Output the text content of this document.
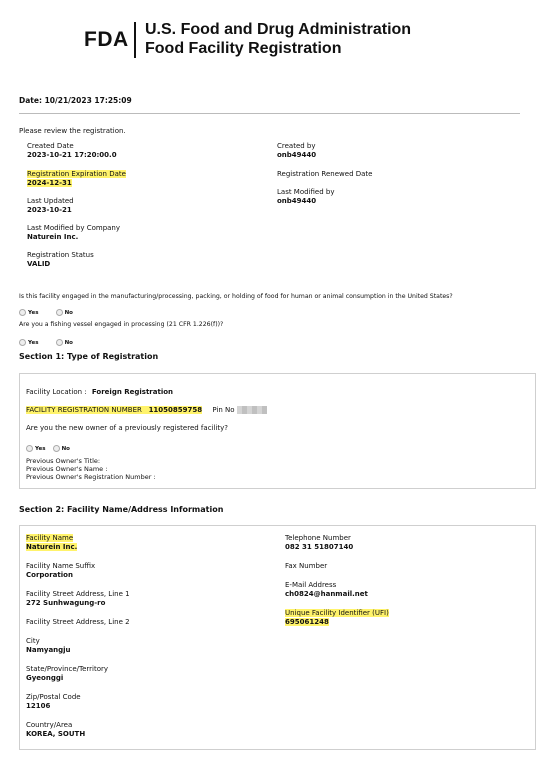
FDA U.S. Food and Drug Administration
Food Facility Registration
Date: 10/21/2023 17:25:09
Please review the registration.
Created Date
2023-10-21 17:20:00.0
Registration Expiration Date
2024-12-31
Last Updated
2023-10-21
Last Modified by Company
Naturein Inc.
Registration Status
VALID
Created by
onb49440
Registration Renewed Date
Last Modified by
onb49440
Is this facility engaged in the manufacturing/processing, packing, or holding of food for human or animal consumption in the United States?
Yes	No
Are you a fishing vessel engaged in processing (21 CFR 1.226(f))?
Yes	No
Section 1: Type of Registration
Facility Location : Foreign Registration
FACILITY REGISTRATION NUMBER 11050859758 Pin No
Are you the new owner of a previously registered facility?
Yes	No
Previous Owner's Title:
Previous Owner's Name :
Previous Owner's Registration Number :
Section 2: Facility Name/Address Information
Facility Name
Naturein Inc.
Facility Name Suffix
Corporation
Facility Street Address, Line 1
272 Sunhwagung-ro
Facility Street Address, Line 2
City
Namyangju
State/Province/Territory
Gyeonggi
Zip/Postal Code
12106
Country/Area
KOREA, SOUTH
Telephone Number
082 31 51807140
Fax Number
E-Mail Address
ch0824@hanmail.net
Unique Facility Identifier (UFI)
695061248
